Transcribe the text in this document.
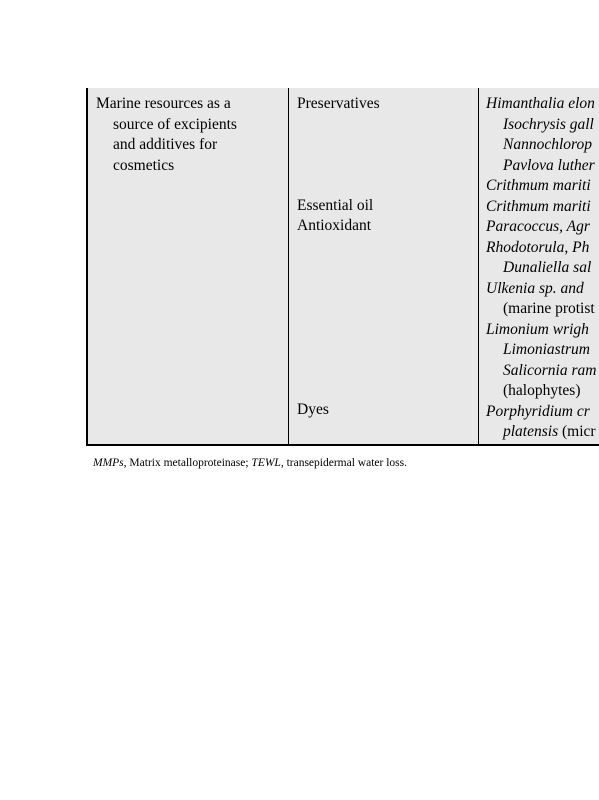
Marine resources as a
source of excipients
and additives for
cosmetics
Preservatives
Essential oil
Antioxidant
Dyes
Himanthalia elon
Isochrysis gall
Nannochlorop
Pavlova luther
Crithmum mariti
Crithmum mariti
Paracoccus, Agr
Rhodotorula, Ph
Dunaliella sal
Ulkenia sp. and
(marine protist
Limonium wrigh
Limoniastrum
Salicornia ram
(halophytes)
Porphyridium cr
platensis (micr
MMPs, Matrix metalloproteinase; TEWL, transepidermal water loss.
